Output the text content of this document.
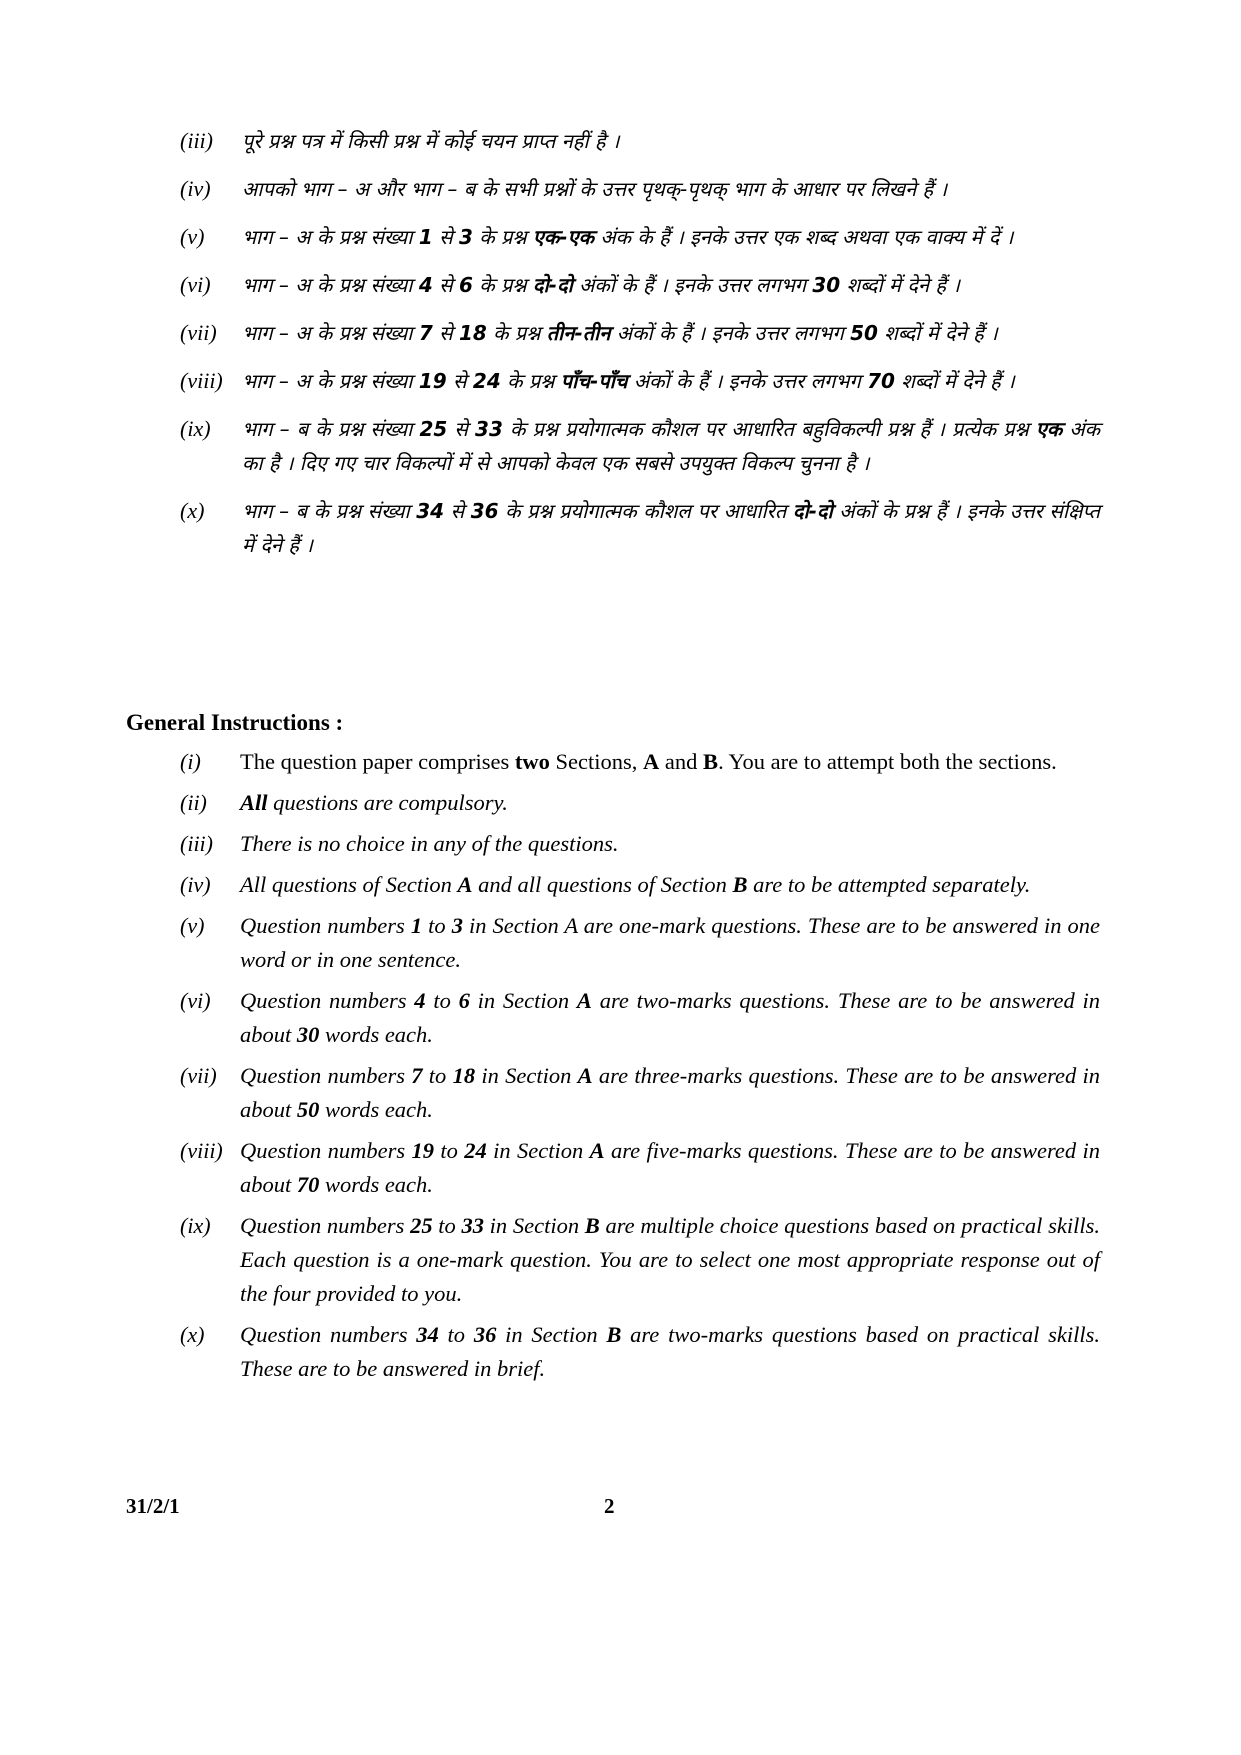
(iii)	पूरे प्रश्न पत्र में किसी प्रश्न में कोई चयन प्राप्त नहीं है ।
(iv)	आपको भाग – अ और भाग – ब के सभी प्रश्नों के उत्तर पृथक्‌-पृथक्‌ भाग के आधार पर लिखने हैं ।
(v)	भाग – अ के प्रश्न संख्या 1 से 3 के प्रश्न एक-एक अंक के हैं । इनके उत्तर एक शब्द अथवा एक वाक्य में दें ।
(vi)	भाग – अ के प्रश्न संख्या 4 से 6 के प्रश्न दो-दो अंकों के हैं । इनके उत्तर लगभग 30 शब्दों में देने हैं ।
(vii)	भाग – अ के प्रश्न संख्या 7 से 18 के प्रश्न तीन-तीन अंकों के हैं । इनके उत्तर लगभग 50 शब्दों में देने हैं ।
(viii) भाग – अ के प्रश्न संख्या 19 से 24 के प्रश्न पाँच-पाँच अंकों के हैं । इनके उत्तर लगभग 70 शब्दों में देने हैं ।
(ix)	भाग – ब के प्रश्न संख्या 25 से 33 के प्रश्न प्रयोगात्मक कौशल पर आधारित बहुविकल्पी प्रश्न हैं । प्रत्येक प्रश्न एक अंक का है । दिए गए चार विकल्पों में से आपको केवल एक सबसे उपयुक्त विकल्प चुनना है ।
(x)	भाग – ब के प्रश्न संख्या 34 से 36 के प्रश्न प्रयोगात्मक कौशल पर आधारित दो-दो अंकों के प्रश्न हैं । इनके उत्तर संक्षिप्त में देने हैं ।
General Instructions :
(i)	The question paper comprises two Sections, A and B. You are to attempt both the sections.
(ii)	All questions are compulsory.
(iii)	There is no choice in any of the questions.
(iv)	All questions of Section A and all questions of Section B are to be attempted separately.
(v)	Question numbers 1 to 3 in Section A are one-mark questions. These are to be answered in one word or in one sentence.
(vi)	Question numbers 4 to 6 in Section A are two-marks questions. These are to be answered in about 30 words each.
(vii)	Question numbers 7 to 18 in Section A are three-marks questions. These are to be answered in about 50 words each.
(viii) Question numbers 19 to 24 in Section A are five-marks questions. These are to be answered in about 70 words each.
(ix)	Question numbers 25 to 33 in Section B are multiple choice questions based on practical skills. Each question is a one-mark question. You are to select one most appropriate response out of the four provided to you.
(x)	Question numbers 34 to 36 in Section B are two-marks questions based on practical skills. These are to be answered in brief.
31/2/1	2
